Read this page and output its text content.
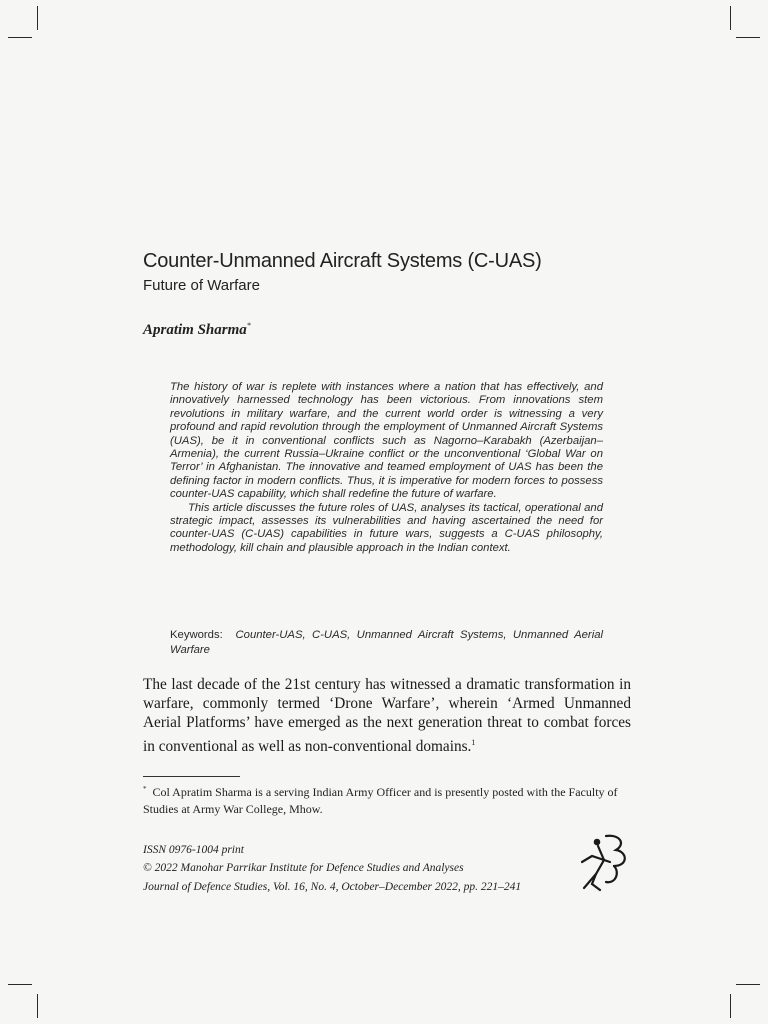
Counter-Unmanned Aircraft Systems (C-UAS)
Future of Warfare
Apratim Sharma*

The history of war is replete with instances where a nation that has effectively, and innovatively harnessed technology has been victorious. From innovations stem revolutions in military warfare, and the current world order is witnessing a very profound and rapid revolution through the employment of Unmanned Aircraft Systems (UAS), be it in conventional conflicts such as Nagorno–Karabakh (Azerbaijan–Armenia), the current Russia–Ukraine conflict or the unconventional ‘Global War on Terror’ in Afghanistan. The innovative and teamed employment of UAS has been the defining factor in modern conflicts. Thus, it is imperative for modern forces to possess counter-UAS capability, which shall redefine the future of warfare.

This article discusses the future roles of UAS, analyses its tactical, operational and strategic impact, assesses its vulnerabilities and having ascertained the need for counter-UAS (C-UAS) capabilities in future wars, suggests a C-UAS philosophy, methodology, kill chain and plausible approach in the Indian context.

Keywords: Counter-UAS, C-UAS, Unmanned Aircraft Systems, Unmanned Aerial Warfare

The last decade of the 21st century has witnessed a dramatic transformation in warfare, commonly termed ‘Drone Warfare’, wherein ‘Armed Unmanned Aerial Platforms’ have emerged as the next generation threat to combat forces in conventional as well as non-conventional domains.$^1$

* Col Apratim Sharma is a serving Indian Army Officer and is presently posted with the Faculty of Studies at Army War College, Mhow.
ISSN 0976-1004 print
© 2022 Manohar Parrikar Institute for Defence Studies and Analyses
Journal of Defence Studies, Vol. 16, No. 4, October–December 2022, pp. 221–241
